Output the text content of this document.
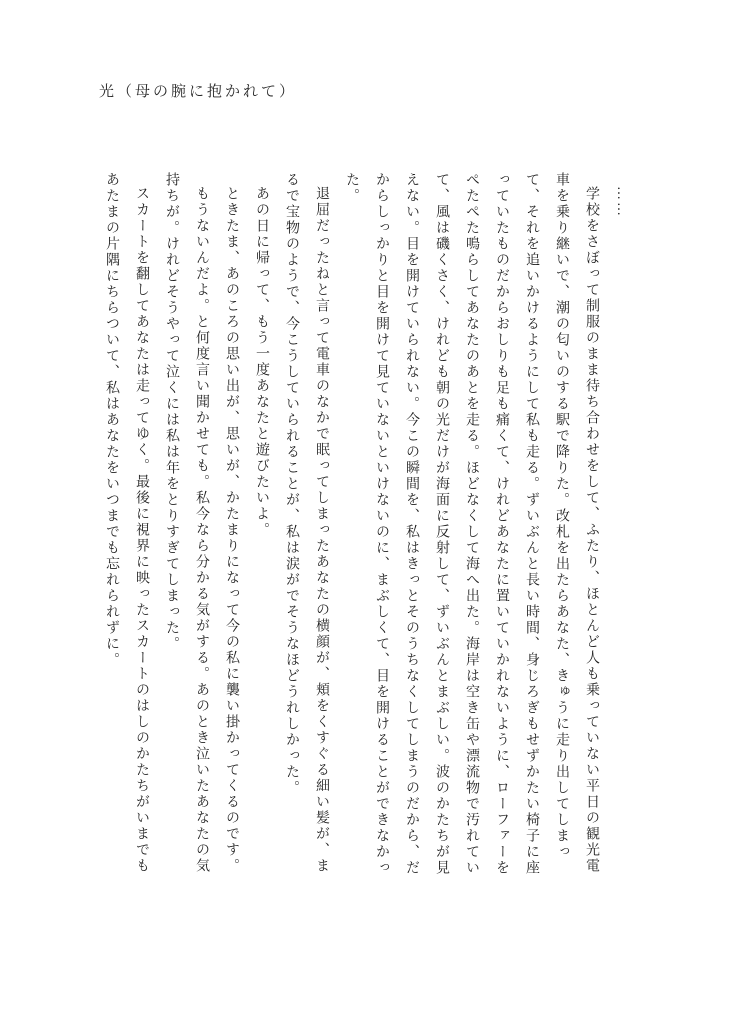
光（母の腕に抱かれて）

……

学校をさぼって制服のまま待ち合わせをして、ふたり、ほとんど人も乗っていない平日の観光電車を乗り継いで、潮の匂いのする駅で降りた。改札を出たらあなた、きゅうに走り出してしまって、それを追いかけるようにして私も走る。ずいぶんと長い時間、身じろぎもせずかたい椅子に座っていたものだからおしりも足も痛くて、けれどあなたに置いていかれないように、ローファーをぺたぺた鳴らしてあなたのあとを走る。ほどなくして海へ出た。海岸は空き缶や漂流物で汚れていて、風は磯くさく、けれども朝の光だけが海面に反射して、ずいぶんとまぶしい。波のかたちが見えない。目を開けていられない。今この瞬間を、私はきっとそのうちなくしてしまうのだから、だからしっかりと目を開けて見ていないといけないのに、まぶしくて、目を開けることができなかった。

退屈だったねと言って電車のなかで眠ってしまったあなたの横顔が、頬をくすぐる細い髪が、まるで宝物のようで、今こうしていられることが、私は涙がでそうなほどうれしかった。

あの日に帰って、もう一度あなたと遊びたいよ。

ときたま、あのころの思い出が、思いが、かたまりになって今の私に襲い掛かってくるのです。

もうないんだよ。と何度言い聞かせても。私今なら分かる気がする。あのとき泣いたあなたの気持ちが。けれどそうやって泣くには私は年をとりすぎてしまった。

スカートを翻してあなたは走ってゆく。最後に視界に映ったスカートのはしのかたちがいまでもあたまの片隅にちらついて、私はあなたをいつまでも忘れられずに。
